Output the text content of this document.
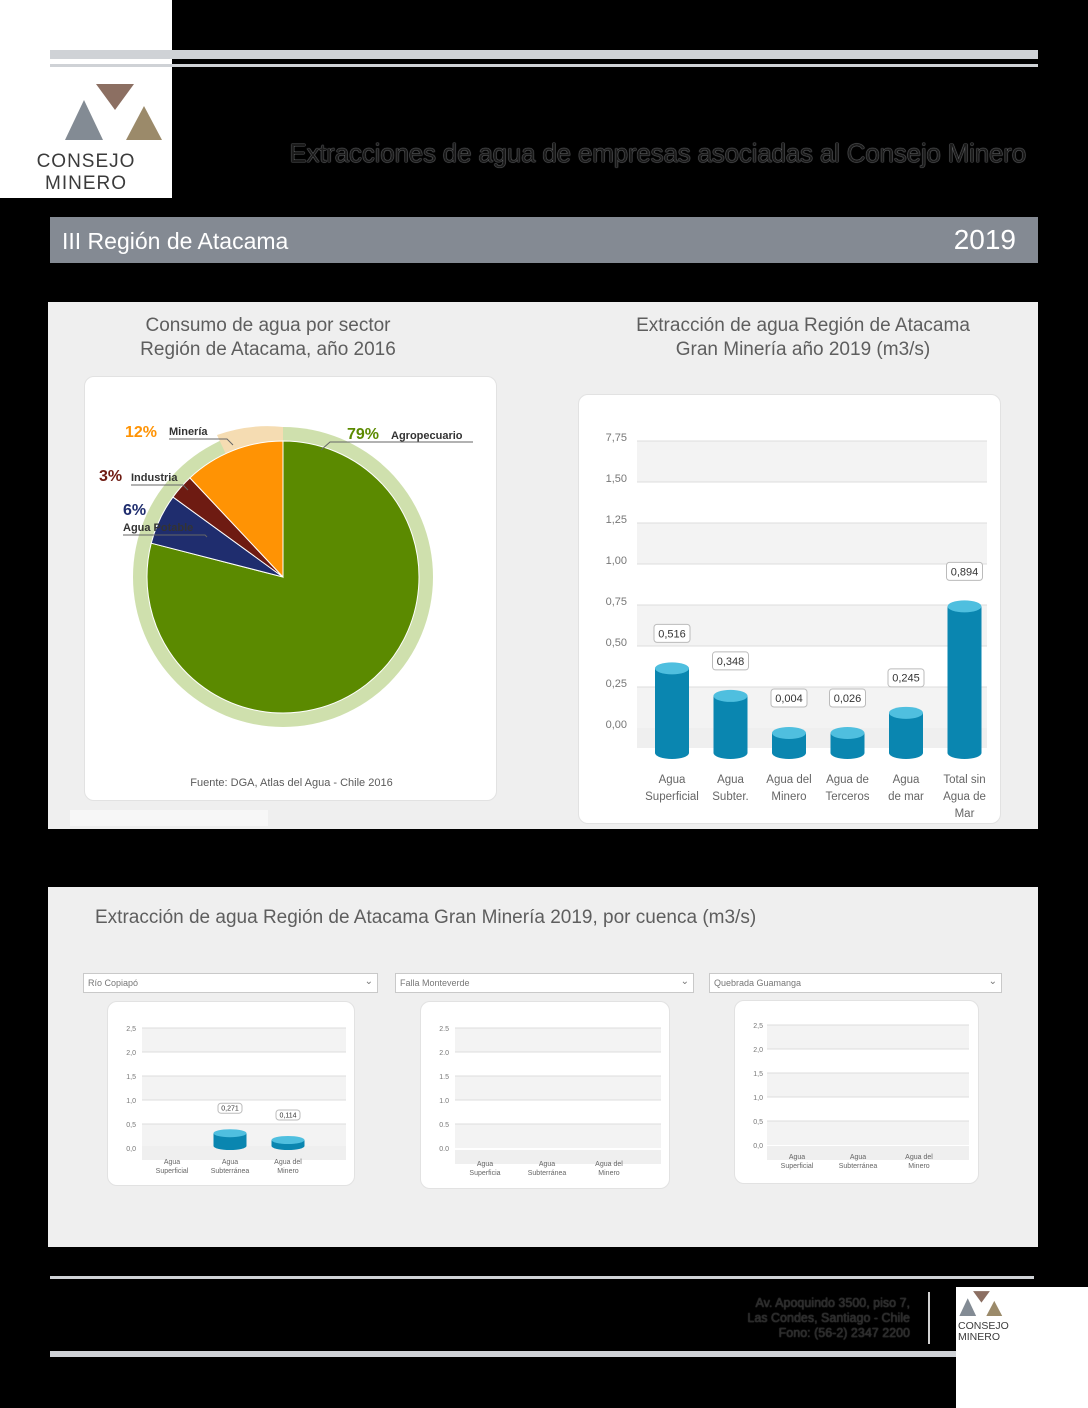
CONSEJO
MINERO
Extracciones de agua de empresas asociadas al Consejo Minero
III Región de Atacama	2019
Consumo de agua por sector
Región de Atacama, año 2016
Extracción de agua Región de Atacama
Gran Minería año 2019 (m3/s)
79% Agropecuario
6%
Agua Potable
3% Industria
12% Minería
Fuente: DGA, Atlas del Agua - Chile 2016
7,75
1,50
1,25
1,00
0,75
0,50
0,25
0,00
0,516
Agua
Superficial
0,348
Agua
Subter.
0,004
Agua del
Minero
0,026
Agua de
Terceros
0,245
Agua
de mar
0,894
Total sin
Agua de
Mar
Extracción de agua Región de Atacama Gran Minería 2019, por cuenca (m3/s)
Río Copiapó	⌄	Falla Monteverde	⌄	Quebrada Guamanga	⌄
2,5
2,0
1,5
1,0
0,5
0,0
Agua
Superficial
0,271
Agua
Subterránea
0,114
Agua del
Minero
2.5
2.0
1.5
1.0
0.5
0.0
Agua
Superficia
Agua
Subterránea
Agua del
Minero
2,5
2,0
1,5
1,0
0,5
0,0
Agua
Superficial
Agua
Subterránea
Agua del
Minero
Av. Apoquindo 3500, piso 7,
Las Condes, Santiago - Chile
Fono: (56-2) 2347 2200	CONSEJO
MINERO
